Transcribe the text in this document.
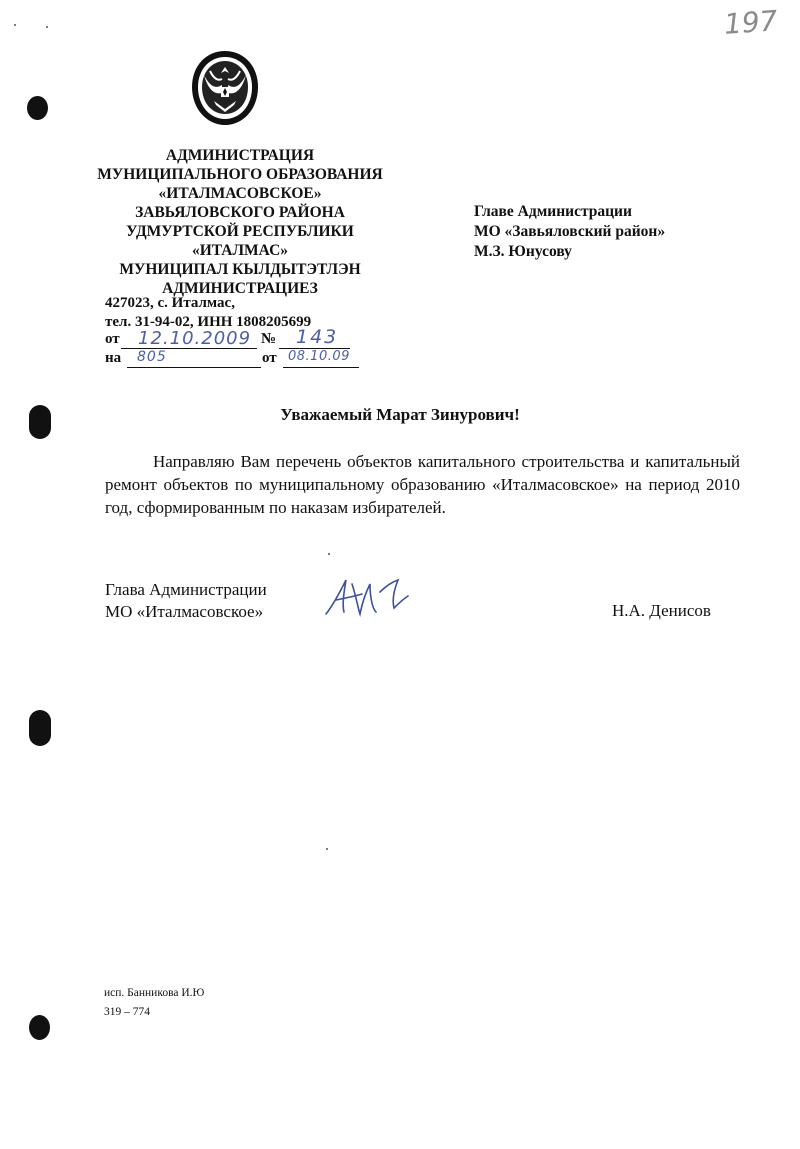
197
АДМИНИСТРАЦИЯ
МУНИЦИПАЛЬНОГО ОБРАЗОВАНИЯ
«ИТАЛМАСОВСКОЕ»
ЗАВЬЯЛОВСКОГО РАЙОНА
УДМУРТСКОЙ РЕСПУБЛИКИ
«ИТАЛМАС»
МУНИЦИПАЛ КЫЛДЫТЭТЛЭН
АДМИНИСТРАЦИЕЗ
427023, с. Италмас,
тел. 31-94-02, ИНН 1808205699
от 12.10.2009 № 143
на 805	от 08.10.09
Главе Администрации
МО «Завьяловский район»
М.З. Юнусову
Уважаемый Марат Зинурович!
Направляю Вам перечень объектов капитального строительства и капитальный ремонт объектов по муниципальному образованию «Италмасовское» на период 2010 год, сформированным по наказам избирателей.
Глава Администрации
МО «Италмасовское»	Н.А. Денисов
исп. Банникова И.Ю
319 – 774
